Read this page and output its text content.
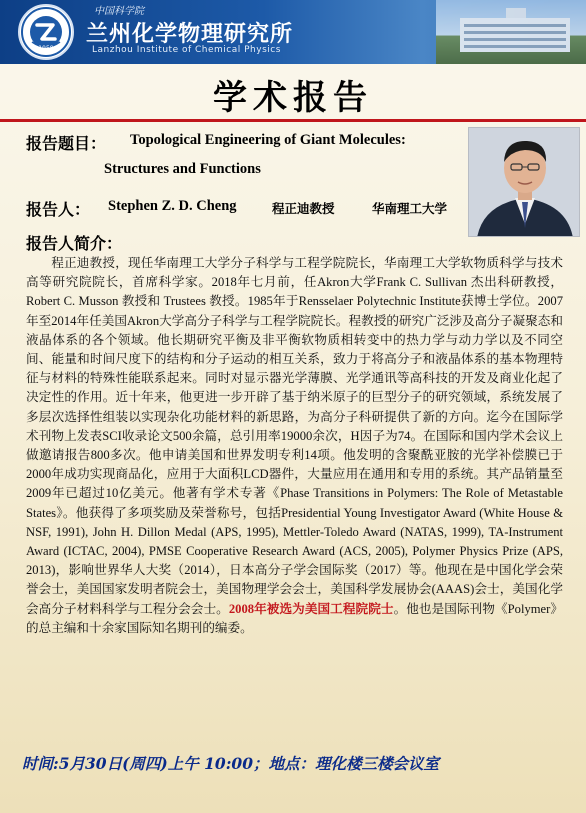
1958
中国科学院
兰州化学物理研究所
Lanzhou Institute of Chemical Physics
学术报告
报告题目： Topological Engineering of Giant Molecules:
Structures and Functions
报告人： Stephen Z. D. Cheng	程正迪教授	华南理工大学
报告人简介：
程正迪教授，现任华南理工大学分子科学与工程学院院长，华南理工大学软物质科学与技术高等研究院院长，首席科学家。2018年七月前，任Akron大学Frank C. Sullivan 杰出科研教授，Robert C. Musson 教授和 Trustees 教授。1985年于Rensselaer Polytechnic Institute获博士学位。2007年至2014年任美国Akron大学高分子科学与工程学院院长。程教授的研究广泛涉及高分子凝聚态和液晶体系的各个领域。他长期研究平衡及非平衡软物质相转变中的热力学与动力学以及不同空间、能量和时间尺度下的结构和分子运动的相互关系，致力于将高分子和液晶体系的基本物理特征与材料的特殊性能联系起来。同时对显示器光学薄膜、光学通讯等高科技的开发及商业化起了决定性的作用。近十年来，他更进一步开辟了基于纳米原子的巨型分子的研究领域，系统发展了多层次选择性组装以实现杂化功能材料的新思路，为高分子科研提供了新的方向。迄今在国际学术刊物上发表SCI收录论文500余篇，总引用率19000余次，H因子为74。在国际和国内学术会议上做邀请报告800多次。他申请美国和世界发明专利14项。他发明的含聚酰亚胺的光学补偿膜已于2000年成功实现商品化，应用于大面积LCD器件，大量应用在通用和专用的系统。其产品销量至2009年已超过10亿美元。他著有学术专著《Phase Transitions in Polymers: The Role of Metastable States》。他获得了多项奖励及荣誉称号，包括Presidential Young Investigator Award (White House & NSF, 1991), John H. Dillon Medal (APS, 1995), Mettler-Toledo Award (NATAS, 1999), TA-Instrument Award (ICTAC, 2004), PMSE Cooperative Research Award (ACS, 2005), Polymer Physics Prize (APS, 2013)，影响世界华人大奖（2014），日本高分子学会国际奖（2017）等。他现在是中国化学会荣誉会士，美国国家发明者院会士，美国物理学会会士，美国科学发展协会(AAAS)会士，美国化学会高分子材料科学与工程分会会士。2008年被选为美国工程院院士。他也是国际刊物《Polymer》的总主编和十余家国际知名期刊的编委。
时间:5月30日(周四)上午 10:00；地点：理化楼三楼会议室
